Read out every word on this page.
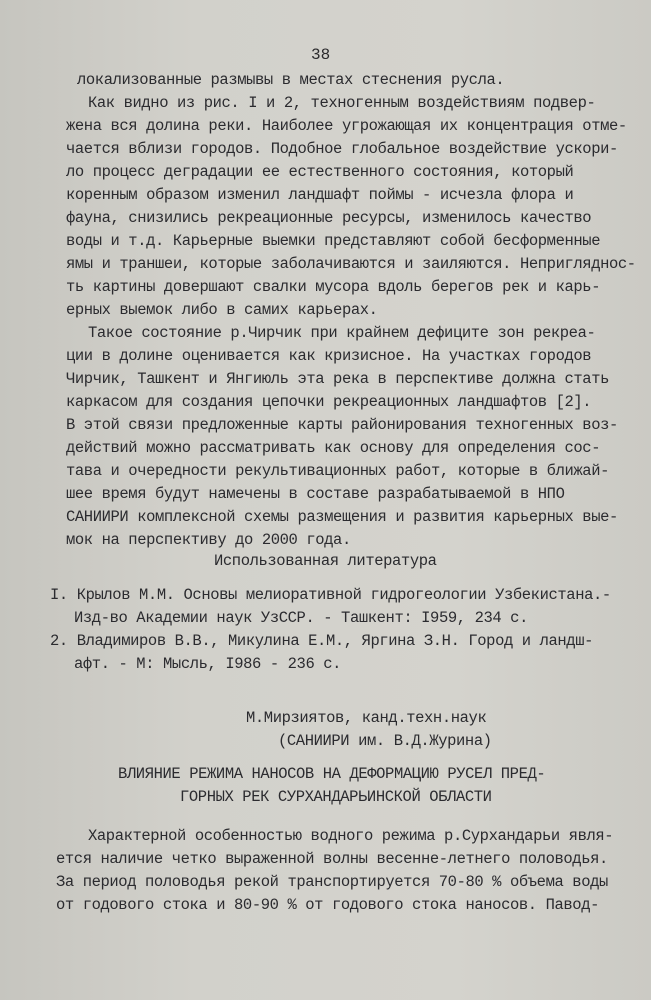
38
локализованные размывы в местах стеснения русла.
Как видно из рис. I и 2, техногенным воздействиям подвер-
жена вся долина реки. Наиболее угрожающая их концентрация отме-
чается вблизи городов. Подобное глобальное воздействие ускори-
ло процесс деградации ее естественного состояния, который
коренным образом изменил ландшафт поймы - исчезла флора и
фауна, снизились рекреационные ресурсы, изменилось качество
воды и т.д. Карьерные выемки представляют собой бесформенные
ямы и траншеи, которые заболачиваются и заиляются. Непригляднос-
ть картины довершают свалки мусора вдоль берегов рек и карь-
ерных выемок либо в самих карьерах.
Такое состояние р.Чирчик при крайнем дефиците зон рекреа-
ции в долине оценивается как кризисное. На участках городов
Чирчик, Ташкент и Янгиюль эта река в перспективе должна стать
каркасом для создания цепочки рекреационных ландшафтов [2].
В этой связи предложенные карты районирования техногенных воз-
действий можно рассматривать как основу для определения сос-
тава и очередности рекультивационных работ, которые в ближай-
шее время будут намечены в составе разрабатываемой в НПО
САНИИРИ комплексной схемы размещения и развития карьерных вые-
мок на перспективу до 2000 года.
Использованная литература
I. Крылов М.М. Основы мелиоративной гидрогеологии Узбекистана.-
Изд-во Академии наук УзССР. - Ташкент: I959, 234 с.
2. Владимиров В.В., Микулина Е.М., Яргина З.Н. Город и ландш-
афт. - М: Мысль, I986 - 236 с.
М.Мирзиятов, канд.техн.наук
(САНИИРИ им. В.Д.Журина)
ВЛИЯНИЕ РЕЖИМА НАНОСОВ НА ДЕФОРМАЦИЮ РУСЕЛ ПРЕД-
ГОРНЫХ РЕК СУРХАНДАРЬИНСКОЙ ОБЛАСТИ
Характерной особенностью водного режима р.Сурхандарьи явля-
ется наличие четко выраженной волны весенне-летнего половодья.
За период половодья рекой транспортируется 70-80 % объема воды
от годового стока и 80-90 % от годового стока наносов. Павод-
